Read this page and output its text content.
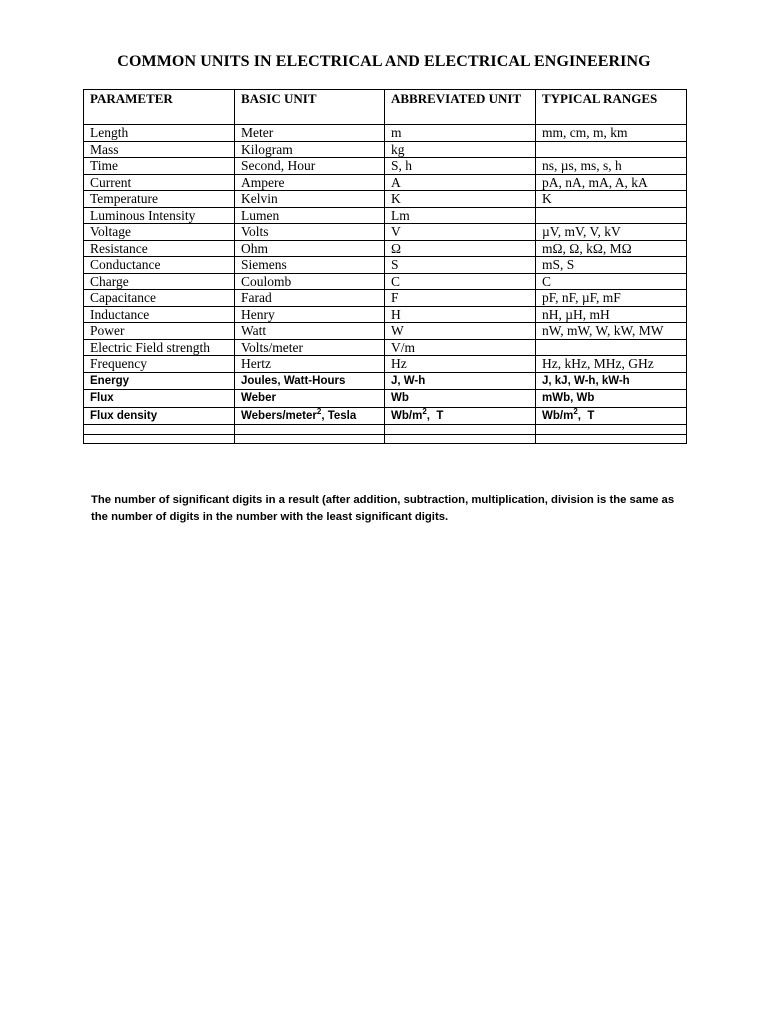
COMMON UNITS IN ELECTRICAL AND ELECTRICAL ENGINEERING
PARAMETER	BASIC UNIT	ABBREVIATED UNIT	TYPICAL RANGES
Length	Meter	m	mm, cm, m, km
Mass	Kilogram	kg	
Time	Second, Hour	S, h	ns, µs, ms, s, h
Current	Ampere	A	pA, nA, mA, A, kA
Temperature	Kelvin	K	K
Luminous Intensity	Lumen	Lm	
Voltage	Volts	V	µV, mV, V, kV
Resistance	Ohm	Ω	mΩ, Ω, kΩ, MΩ
Conductance	Siemens	S	mS, S
Charge	Coulomb	C	C
Capacitance	Farad	F	pF, nF, µF, mF
Inductance	Henry	H	nH, µH, mH
Power	Watt	W	nW, mW, W, kW, MW
Electric Field strength	Volts/meter	V/m	
Frequency	Hertz	Hz	Hz, kHz, MHz, GHz
Energy	Joules, Watt-Hours	J, W-h	J, kJ, W-h, kW-h
Flux	Weber	Wb	mWb, Wb
Flux density	Webers/meter$^2$, Tesla	$Wb/m^2$,  T	$Wb/m^2$,  T

The number of significant digits in a result (after addition, subtraction, multiplication, division is the same as the number of digits in the number with the least significant digits.
